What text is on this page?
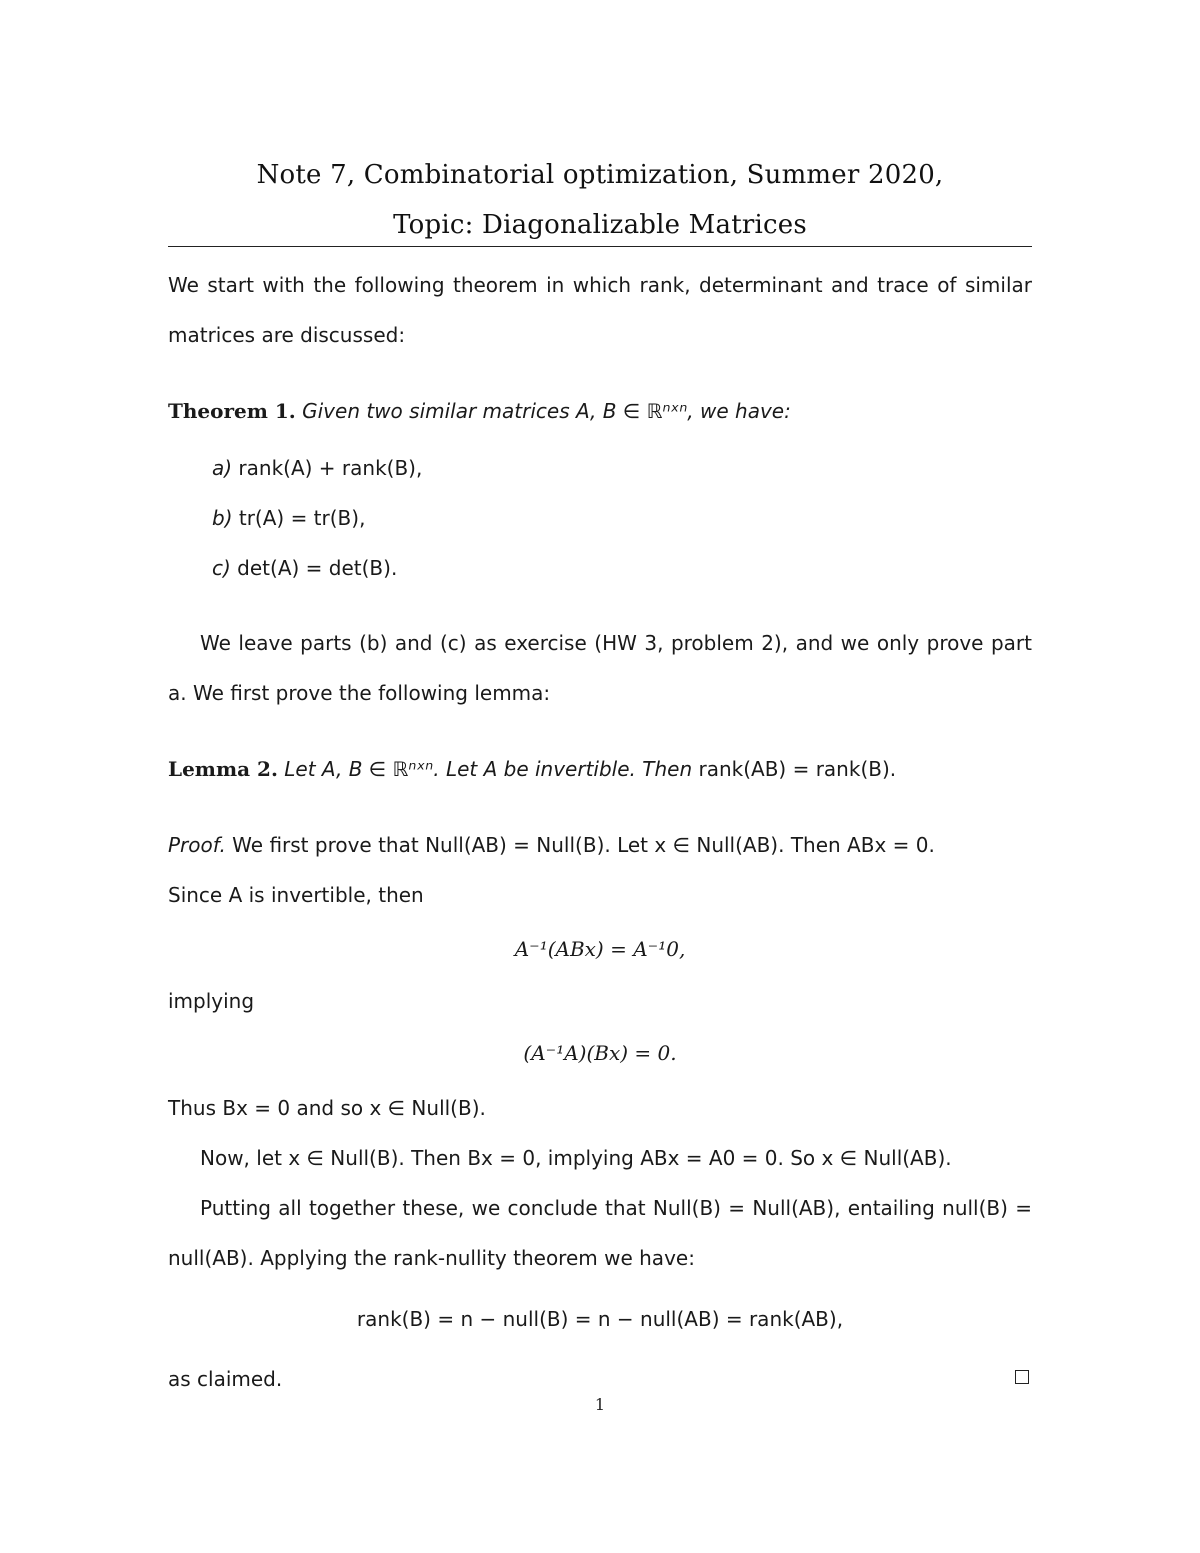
Note 7, Combinatorial optimization, Summer 2020,
Topic: Diagonalizable Matrices
We start with the following theorem in which rank, determinant and trace of similar
matrices are discussed:
Theorem 1. Given two similar matrices A, B ∈ ℝⁿˣⁿ, we have:
a) rank(A) + rank(B),
b) tr(A) = tr(B),
c) det(A) = det(B).
We leave parts (b) and (c) as exercise (HW 3, problem 2), and we only prove part
a. We first prove the following lemma:
Lemma 2. Let A, B ∈ ℝⁿˣⁿ. Let A be invertible. Then rank(AB) = rank(B).
Proof. We first prove that Null(AB) = Null(B). Let x ∈ Null(AB). Then ABx = 0.
Since A is invertible, then
A⁻¹(ABx) = A⁻¹0,
implying
(A⁻¹A)(Bx) = 0.
Thus Bx = 0 and so x ∈ Null(B).
Now, let x ∈ Null(B). Then Bx = 0, implying ABx = A0 = 0. So x ∈ Null(AB).
Putting all together these, we conclude that Null(B) = Null(AB), entailing null(B) =
null(AB). Applying the rank-nullity theorem we have:
rank(B) = n − null(B) = n − null(AB) = rank(AB),
as claimed.
1
